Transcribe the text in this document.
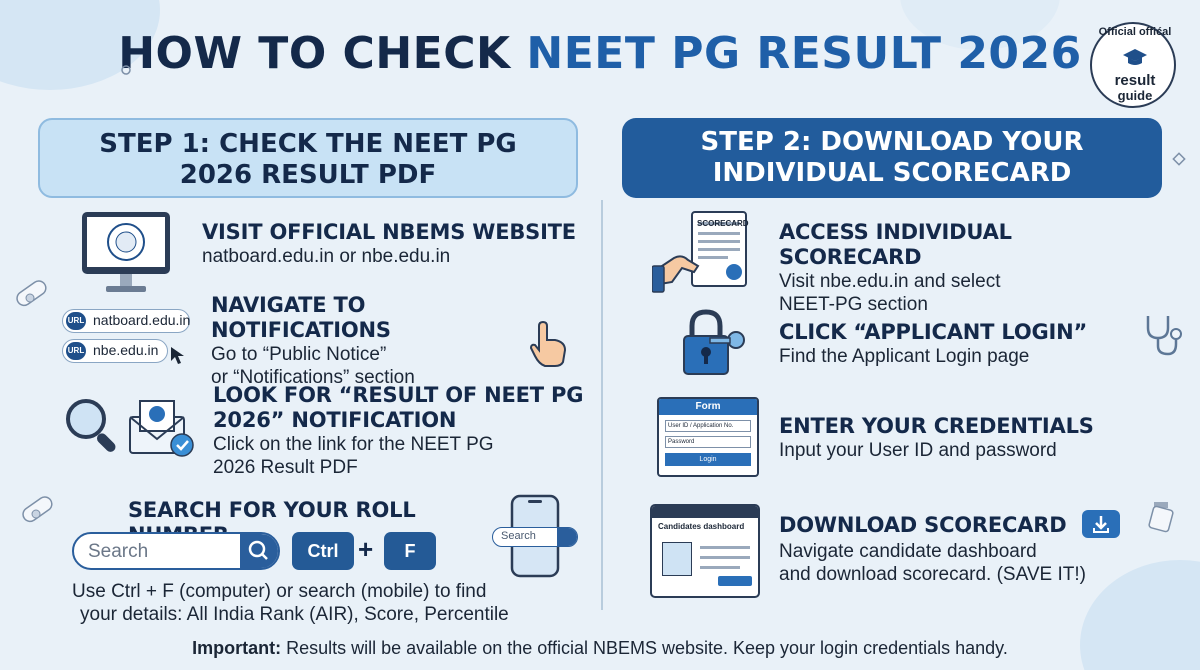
HOW TO CHECK NEET PG RESULT 2026	Official offićal
result
guide
STEP 1: CHECK THE NEET PG
2026 RESULT PDF
STEP 2: DOWNLOAD YOUR
INDIVIDUAL SCORECARD
VISIT OFFICIAL NBEMS WEBSITE
natboard.edu.in or nbe.edu.in
URL natboard.edu.in
URL nbe.edu.in
NAVIGATE TO NOTIFICATIONS
Go to “Public Notice”
or “Notifications” section
LOOK FOR “RESULT OF NEET PG
2026” NOTIFICATION
Click on the link for the NEET PG
2026 Result PDF
SEARCH FOR YOUR ROLL
Search	Ctrl +	F
Search
Use Ctrl + F (computer) or search (mobile) to find
your details: All India Rank (AIR), Score, Percentile
SCORECARD ACCESS INDIVIDUAL SCORECARD
Visit nbe.edu.in and select
NEET-PG section
CLICK “APPLICANT LOGIN”
Find the Applicant Login page
Form
User ID / Application No.
Password
Login
ENTER YOUR CREDENTIALS
Input your User ID and password
Candidates dashboard	DOWNLOAD SCORECARD
Navigate candidate dashboard
and download scorecard. (SAVE IT!)
Important: Results will be available on the official NBEMS website. Keep your login credentials handy.
